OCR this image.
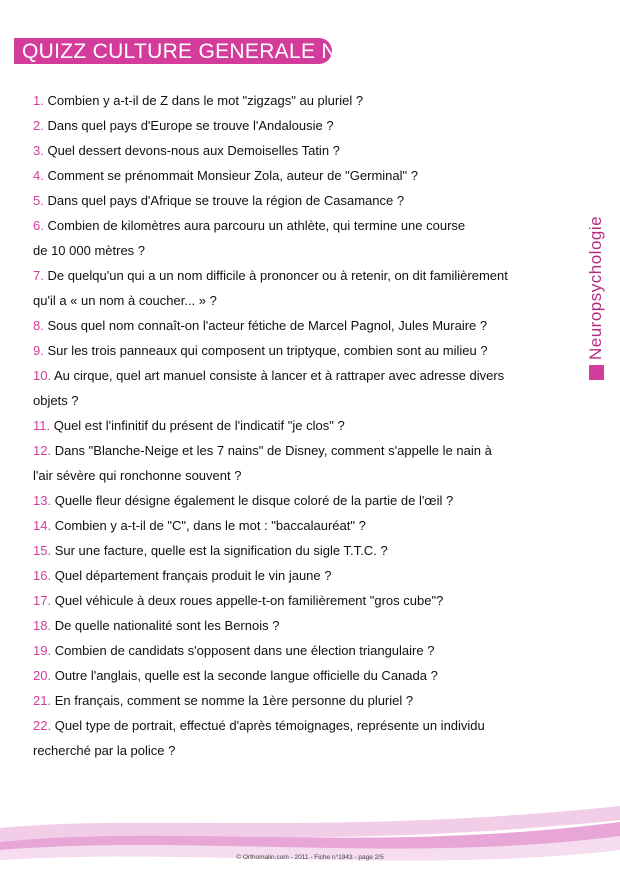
QUIZZ CULTURE GENERALE N°34
Neuropsychologie
1. Combien y a-t-il de Z dans le mot "zigzags" au pluriel ?
2. Dans quel pays d'Europe se trouve l'Andalousie ?
3. Quel dessert devons-nous aux Demoiselles Tatin ?
4. Comment se prénommait Monsieur Zola, auteur de "Germinal" ?
5. Dans quel pays d'Afrique se trouve la région de Casamance ?
6. Combien de kilomètres aura parcouru un athlète, qui termine une course
de 10 000 mètres ?
7. De quelqu'un qui a un nom difficile à prononcer ou à retenir, on dit familièrement
qu'il a « un nom à coucher... » ?
8. Sous quel nom connaît-on l'acteur fétiche de Marcel Pagnol, Jules Muraire ?
9. Sur les trois panneaux qui composent un triptyque, combien sont au milieu ?
10. Au cirque, quel art manuel consiste à lancer et à rattraper avec adresse divers
objets ?
11. Quel est l'infinitif du présent de l'indicatif "je clos" ?
12. Dans "Blanche-Neige et les 7 nains" de Disney, comment s'appelle le nain à
l'air sévère qui ronchonne souvent ?
13. Quelle fleur désigne également le disque coloré de la partie de l'œil ?
14. Combien y a-t-il de "C", dans le mot : "baccalauréat" ?
15. Sur une facture, quelle est la signification du sigle T.T.C. ?
16. Quel département français produit le vin jaune ?
17. Quel véhicule à deux roues appelle-t-on familièrement "gros cube"?
18. De quelle nationalité sont les Bernois ?
19. Combien de candidats s'opposent dans une élection triangulaire ?
20. Outre l'anglais, quelle est la seconde langue officielle du Canada ?
21. En français, comment se nomme la 1ère personne du pluriel ?
22. Quel type de portrait, effectué d'après témoignages, représente un individu
recherché par la police ?
© Orthomalin.com - 2011 - Fiche n°1943 - page 2/5
